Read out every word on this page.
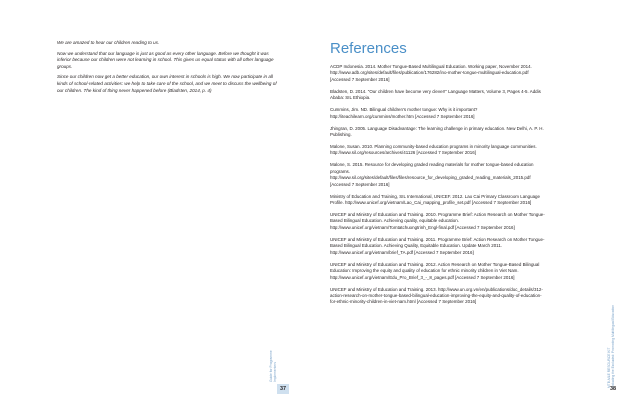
We are amazed to hear our children reading to us.

Now we understand that our language is just as good as every other language. Before we thought it was inferior because our children were not learning in school. This gives us equal status with all other language groups.

Since our children now get a better education, our own interest in schools is high. We now participate in all kinds of school-related activities: we help to take care of the school, and we meet to discuss the wellbeing of our children. The kind of thing never happened before (Bladsten, 2014, p. 4)

Guide for Programme Implementers
37
MTB-MLE RESOURCE KIT Including the Excluded: Promoting Multilingual Education
38
References

ACDP Indonesia. 2014. Mother Tongue-Based Multilingual Education. Working paper, November 2014. http://www.adb.org/sites/default/files/publication/176282/ino-mother-tongue-multilingual-education.pdf [Accessed 7 September 2016]

Bladsten, D. 2014. "Our children have become very clever!" Language Matters, Volume 3, Pages 4-5. Addis Ababa: SIL Ethiopia.

Cummins, Jim. ND. Bilingual children's mother tongue: Why is it important? http://iteachilearn.org/cummins/mother.htm [Accessed 7 September 2016]

Jhingran, D. 2005. Language Disadvantage: The learning challenge in primary education. New Delhi, A. P. H. Publishing.

Malone, Susan. 2010. Planning community-based education programs in minority language communities. http://www.sil.org/resources/archives/41126 [Accessed 7 September 2016]

Malone, S. 2015. Resource for developing graded reading materials for mother tongue-based education programs. http://www.sil.org/sites/default/files/files/resource_for_developing_graded_reading_materials_2015.pdf [Accessed 7 September 2016]

Ministry of Education and Training, SIL International, UNICEF. 2012. Lao Cai Primary Classroom Language Profile. http://www.unicef.org/vietnam/Lao_Cai_mapping_profile_set.pdf [Accessed 7 September 2016]

UNICEF and Ministry of Education and Training. 2010. Programme Brief: Action Research on Mother Tongue-Based Bilingual Education. Achieving quality, equitable education. http://www.unicef.org/vietnam/Tomtatchuongtrinh_Engl-final.pdf [Accessed 7 September 2016]

UNICEF and Ministry of Education and Training. 2011. Programme Brief: Action Research on Mother Tongue-Based Bilingual Education. Achieving Quality, Equitable Education. Update March 2011. http://www.unicef.org/vietnam/brief_TA.pdf [Accessed 7 September 2016]

UNICEF and Ministry of Education and Training. 2012. Action Research on Mother Tongue-Based Bilingual Education: Improving the equity and quality of education for ethnic minority children in Viet Nam. http://www.unicef.org/vietnam/Edu_Pro_Brief_3_-_8_pages.pdf [Accessed 7 September 2016]

UNICEF and Ministry of Education and Training. 2013. http://www.un.org.vn/en/publications/doc_details/312-action-research-on-mother-tongue-based-bilingual-education-improving-the-equity-and-quality-of-education-for-ethnic-minority-children-in-viet-nam.html [Accessed 7 September 2016]
